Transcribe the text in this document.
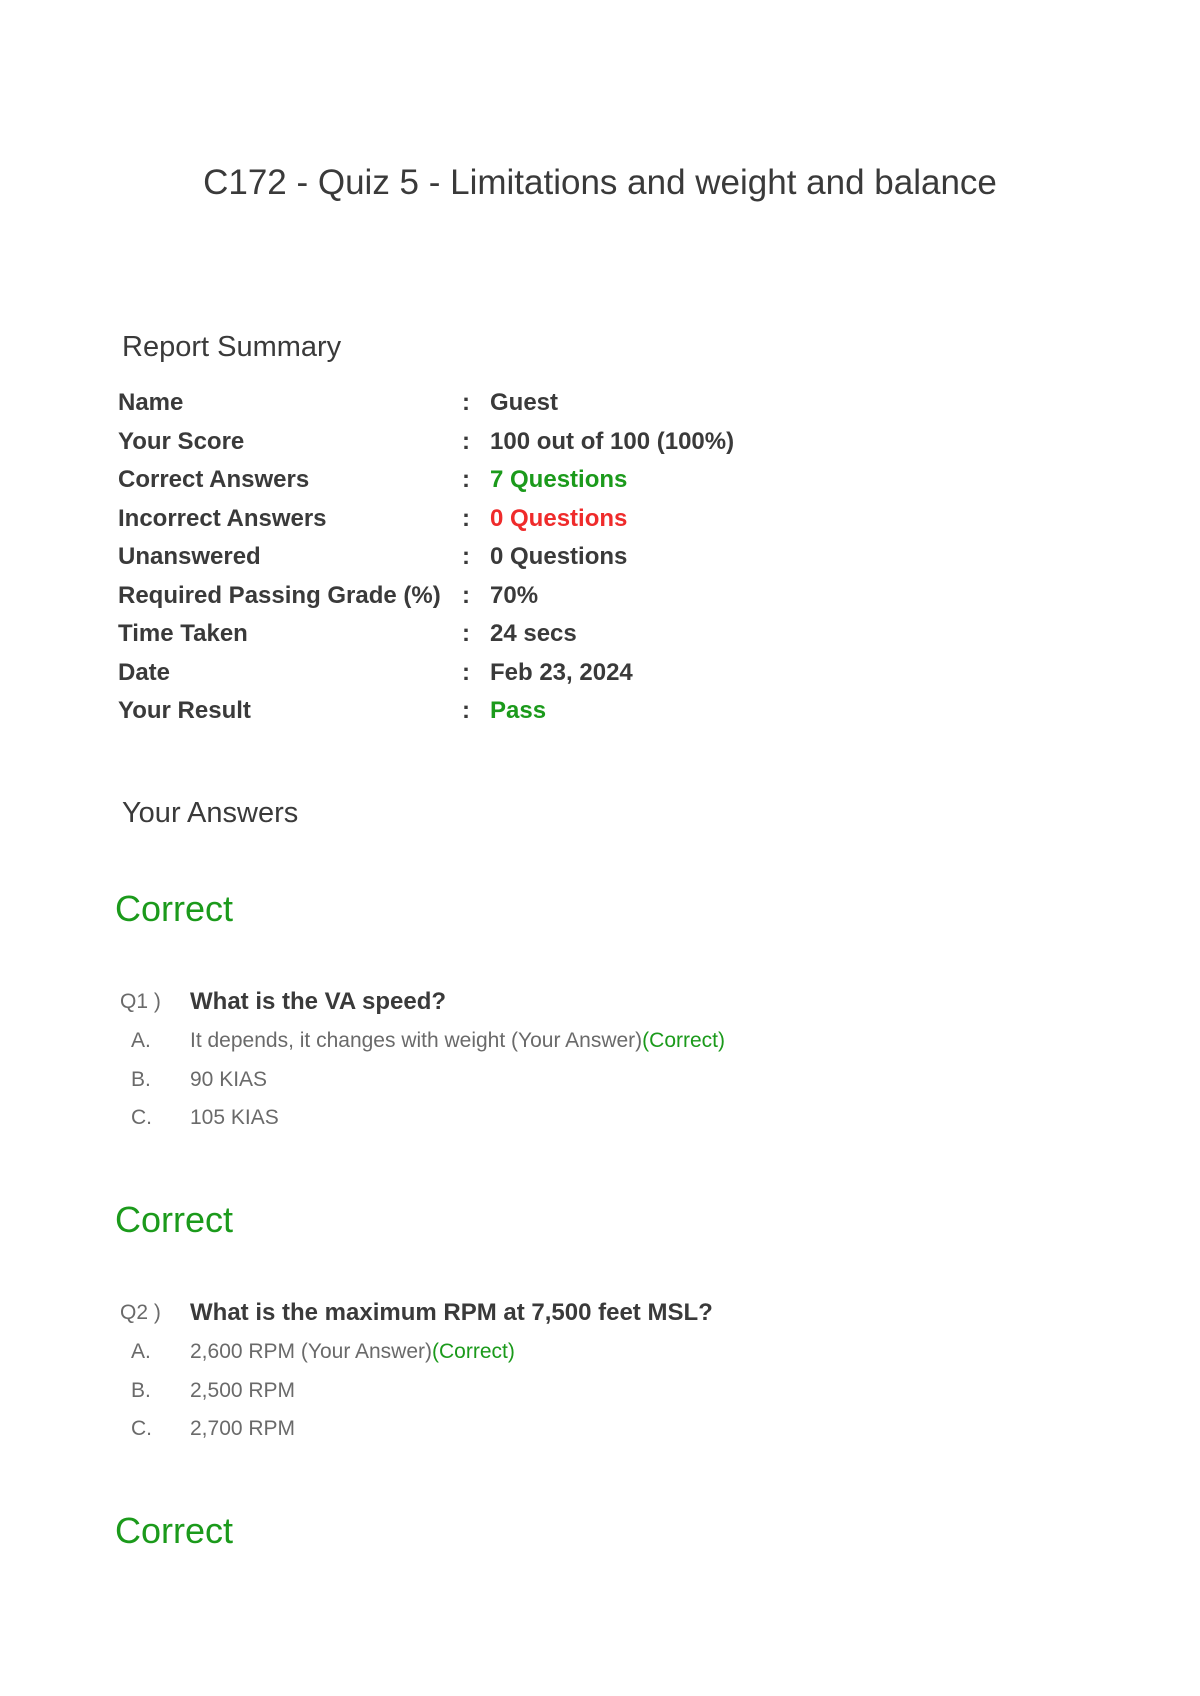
C172 - Quiz 5 - Limitations and weight and balance
Report Summary
Name	: Guest
Your Score	: 100 out of 100 (100%)
Correct Answers	: 7 Questions
Incorrect Answers	: 0 Questions
Unanswered	: 0 Questions
Required Passing Grade (%) : 70%
Time Taken	: 24 secs
Date	: Feb 23, 2024
Your Result	: Pass
Your Answers
Correct
Q1 ) What is the VA speed?
A. It depends, it changes with weight (Your Answer)(Correct)
B. 90 KIAS
C. 105 KIAS
Correct
Q2 ) What is the maximum RPM at 7,500 feet MSL?
A. 2,600 RPM (Your Answer)(Correct)
B. 2,500 RPM
C. 2,700 RPM
Correct
